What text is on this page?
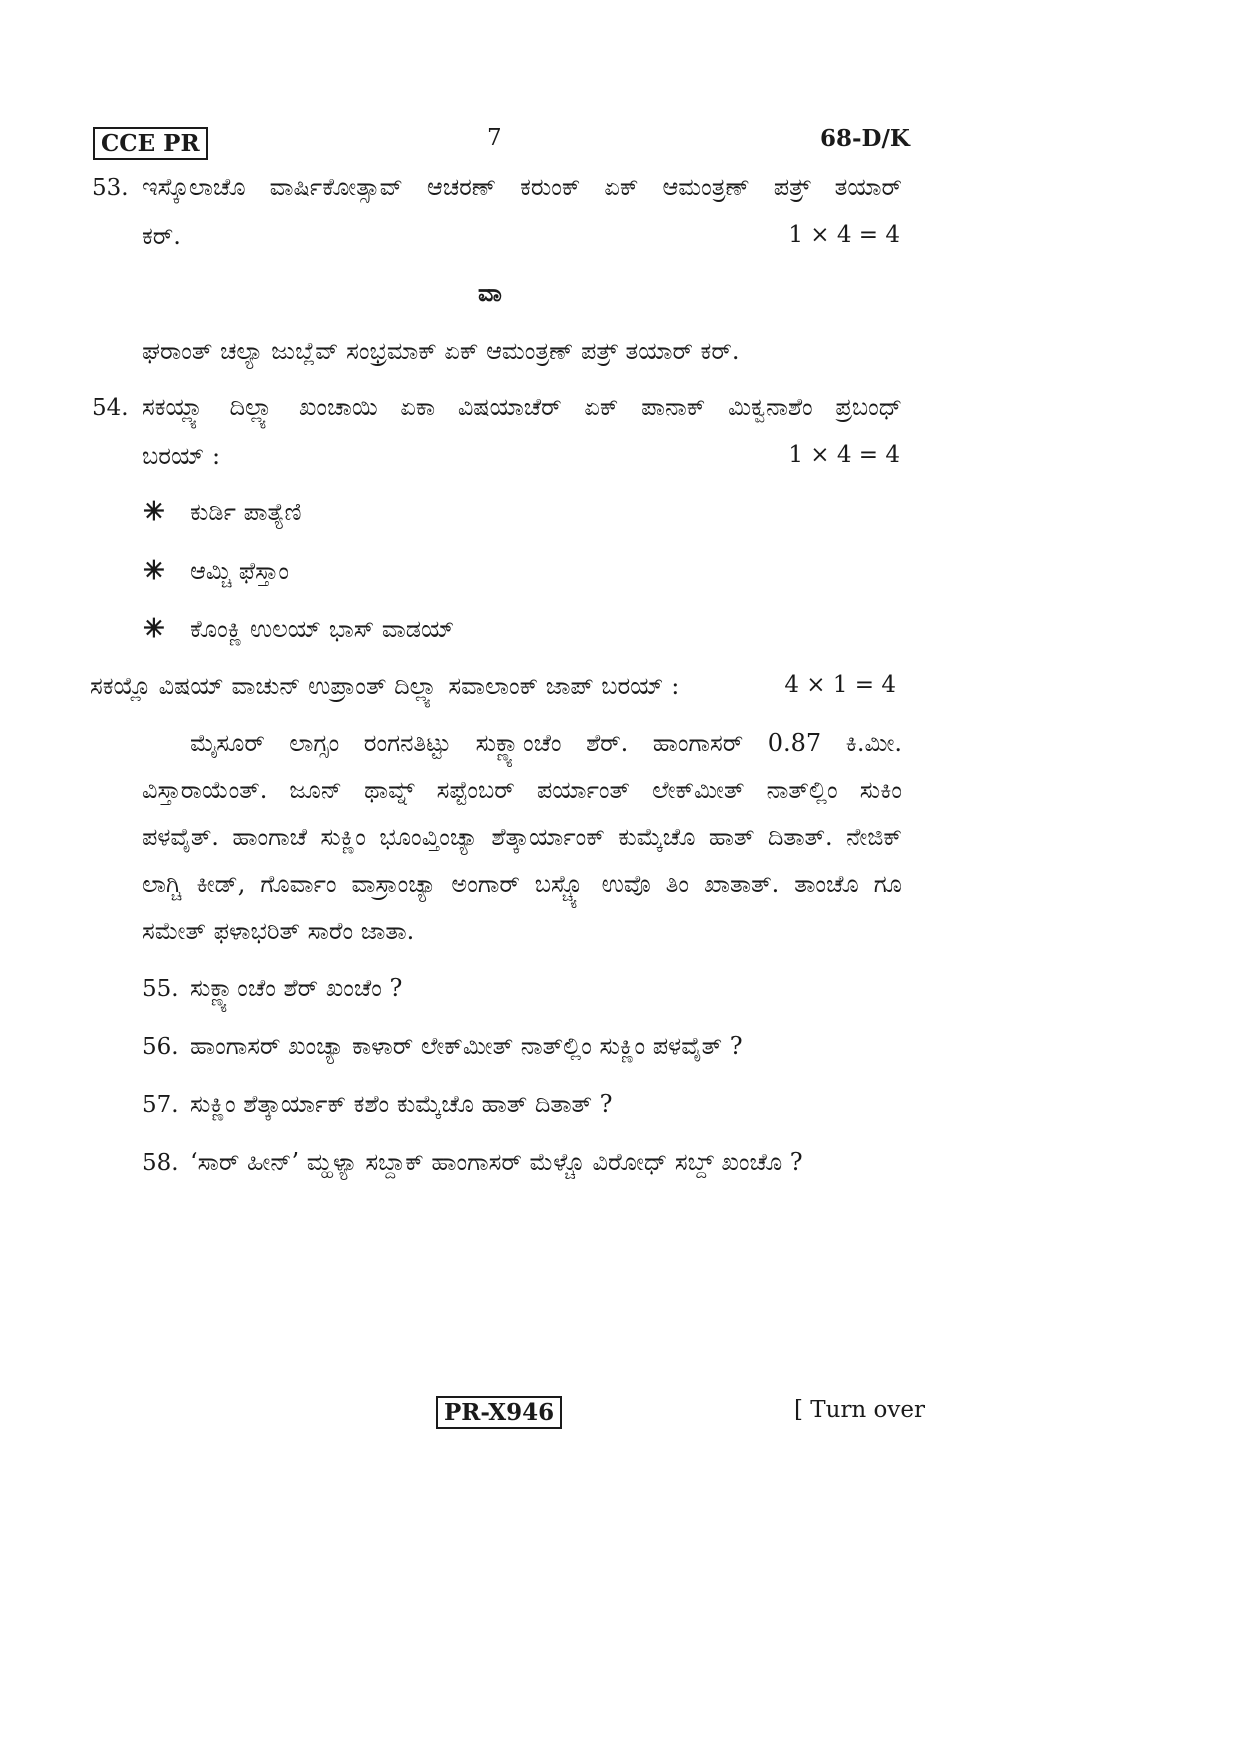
CCE PR	7	68-D/K
53. ಇಸ್ಕೊಲಾಚೊ ವಾರ್ಷಿಕೋತ್ಸಾವ್ ಆಚರಣ್ ಕರುಂಕ್ ಏಕ್ ಆಮಂತ್ರಣ್ ಪತ್ರ್ ತಯಾರ್
ಕರ್.	1 × 4 = 4
ವಾ
ಘರಾಂತ್ ಚಲ್ಯಾ ಜುಬ್ಲೆವ್ ಸಂಭ್ರಮಾಕ್ ಏಕ್ ಆಮಂತ್ರಣ್ ಪತ್ರ್ ತಯಾರ್ ಕರ್.
54. ಸಕಯ್ಲ್ಯಾ ದಿಲ್ಲ್ಯಾ ಖಂಚಾಯಿ ಏಕಾ ವಿಷಯಾಚೆರ್ ಏಕ್ ಪಾನಾಕ್ ಮಿಕ್ವನಾಶೆಂ ಪ್ರಬಂಧ್
ಬರಯ್ :	1 × 4 = 4
✳ ಕುರ್ಡಿ ಪಾತ್ಯೆಣಿ
✳ ಆಮ್ಚಿ ಫೆಸ್ತಾಂ
✳ ಕೊಂಕ್ಣಿ ಉಲಯ್ ಭಾಸ್ ವಾಡಯ್
ಸಕಯ್ಲೊ ವಿಷಯ್ ವಾಚುನ್ ಉಪ್ರಾಂತ್ ದಿಲ್ಲ್ಯಾ ಸವಾಲಾಂಕ್ ಜಾಪ್ ಬರಯ್ :	4 × 1 = 4
ಮೈಸೂರ್ ಲಾಗ್ಸಂ ರಂಗನತಿಟ್ಟು ಸುಕ್ಣ್ಯಾಂಚೆಂ ಶೆರ್. ಹಾಂಗಾಸರ್ 0.87 ಕಿ.ಮೀ.
ವಿಸ್ತಾರಾಯೆಂತ್. ಜೂನ್ ಥಾವ್ನ್ ಸಪ್ಟೆಂಬರ್ ಪರ್ಯಾಂತ್ ಲೇಕ್‌ಮೀತ್ ನಾತ್‌ಲ್ಲಿಂ ಸುಕಿಂ
ಪಳವೈತ್. ಹಾಂಗಾಚೆ ಸುಕ್ಣಿಂ ಭೂಂವ್ತಿಂಚ್ಯಾ ಶೆತ್ಕಾರ್ಯಾಂಕ್ ಕುಮ್ಕೆಚೊ ಹಾತ್ ದಿತಾತ್. ನೇಜಿಕ್
ಲಾಗ್ಚಿ ಕೀಡ್, ಗೊರ್ವಾಂ ವಾಸ್ರಾಂಚ್ಯಾ ಅಂಗಾರ್ ಬಸ್ಚ್ಯೊ ಉವೊ ತಿಂ ಖಾತಾತ್. ತಾಂಚೊ ಗೂ
ಸಮೇತ್ ಫಳಾಭರಿತ್ ಸಾರೆಂ ಜಾತಾ.
55. ಸುಕ್ಣ್ಯಾಂಚೆಂ ಶೆರ್ ಖಂಚೆಂ ?
56. ಹಾಂಗಾಸರ್ ಖಂಚ್ಯಾ ಕಾಳಾರ್ ಲೇಕ್‌ಮೀತ್ ನಾತ್‌ಲ್ಲಿಂ ಸುಕ್ಣಿಂ ಪಳವೈತ್ ?
57. ಸುಕ್ಣಿಂ ಶೆತ್ಕಾರ್ಯಾಕ್ ಕಶೆಂ ಕುಮ್ಕೆಚೊ ಹಾತ್ ದಿತಾತ್ ?
58. ‘ಸಾರ್ ಹೀನ್’ ಮ್ಹಳ್ಯಾ ಸಬ್ದಾಕ್ ಹಾಂಗಾಸರ್ ಮೆಳ್ಚೊ ವಿರೋಧ್ ಸಬ್ದ್ ಖಂಚೊ ?
PR-X946	[ Turn over
